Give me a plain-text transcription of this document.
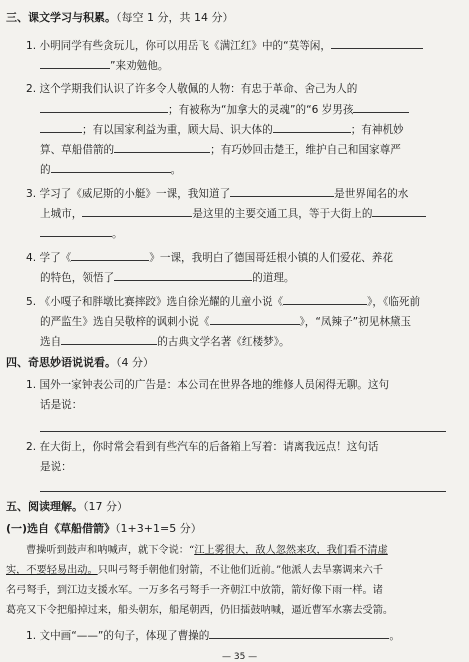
三、课文学习与积累。（每空 1 分，共 14 分）
1. 小明同学有些贪玩儿，你可以用岳飞《满江红》中的“莫等闲，
”来劝勉他。
2. 这个学期我们认识了许多令人敬佩的人物：有忠于革命、舍己为人的
；有被称为“加拿大的灵魂”的“6 岁男孩
；有以国家利益为重，顾大局、识大体的	；有神机妙
算、草船借箭的	；有巧妙回击楚王，维护自己和国家尊严
的	。
3. 学习了《威尼斯的小艇》一课，我知道了	是世界闻名的水
上城市，	是这里的主要交通工具，等于大街上的
。
4. 学了《	》一课，我明白了德国哥廷根小镇的人们爱花、养花
的特色，领悟了	的道理。
5. 《小嘎子和胖墩比赛摔跤》选自徐光耀的儿童小说《	》，《临死前
的严监生》选自吴敬梓的讽刺小说《	》，“凤辣子”初见林黛玉
选自	的古典文学名著《红楼梦》。
四、奇思妙语说说看。（4 分）
1. 国外一家钟表公司的广告是：本公司在世界各地的维修人员闲得无聊。这句
话是说：
2. 在大街上，你时常会看到有些汽车的后备箱上写着：请离我远点！这句话
是说：
五、阅读理解。（17 分）
(一)选自《草船借箭》（1+3+1=5 分）
曹操听到鼓声和呐喊声，就下令说：“江上雾很大，敌人忽然来攻，我们看不清虚
实，不要轻易出动。只叫弓弩手朝他们射箭，不让他们近前。”他派人去旱寨调来六千
名弓弩手，到江边支援水军。一万多名弓弩手一齐朝江中放箭，箭好像下雨一样。诸
葛亮又下令把船掉过来，船头朝东，船尾朝西，仍旧擂鼓呐喊，逼近曹军水寨去受箭。
1. 文中画“——”的句子，体现了曹操的	。
— 35 —
